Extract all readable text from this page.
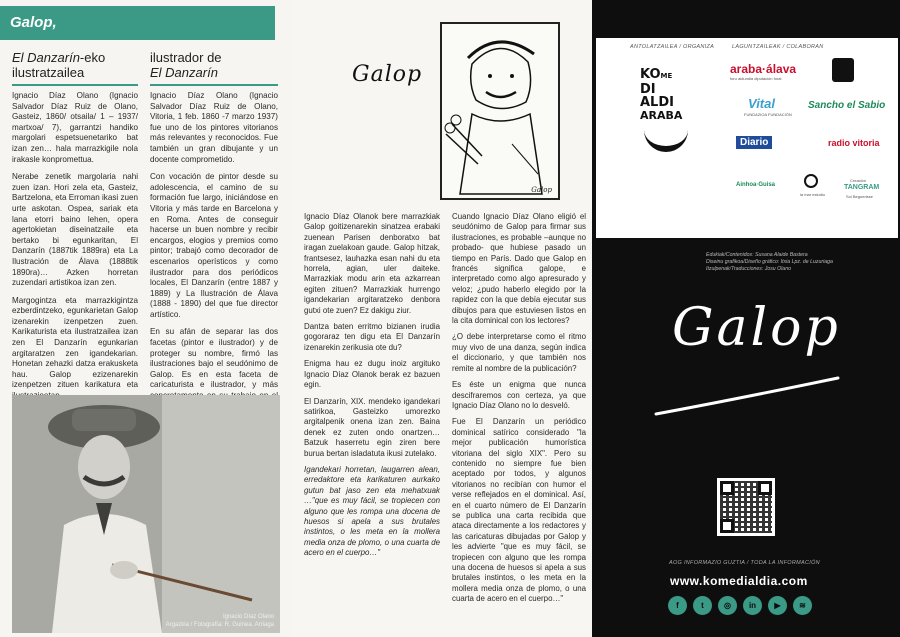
Galop,
El Danzarín-eko ilustratzailea
ilustrador de
El Danzarín

Ignacio Díaz Olano (Ignacio Salvador Díaz Ruiz de Olano, Gasteiz, 1860/ otsaila/ 1 – 1937/ martxoa/ 7), garrantzi handiko margolari espetsuenetariko bat izan zen… hala marrazkigile nola irakasle konpromettua.

Nerabe zenetik margolaria nahi zuen izan. Hori zela eta, Gasteiz, Bartzelona, eta Erroman ikasi zuen urte askotan. Ospea, sariak eta lana etorri baino lehen, opera agertokietan diseinatzaile eta bertako bi egunkaritan, El Danzarín (1887tik 1889ra) eta La Ilustración de Álava (1888tik 1890ra)… Azken horretan zuzendari artistikoa izan zen.

Margogintza eta marrazkigintza ezberdintzeko, egunkarietan Galop izenarekin izenpetzen zuen. Karikaturista eta ilustratzailea izan zen El Danzarín egunkarian argitaratzen zen igandekarian. Honetan zehazki datza erakusketa hau. Galop ezizenarekin izenpetzen zituen karikatura eta

Ignacio Díaz Olano (Ignacio Salvador Díaz Ruiz de Olano, Vitoria, 1 feb. 1860 -7 marzo 1937) fue uno de los pintores vitorianos más relevantes y reconocidos. Fue también un gran dibujante y un docente comprometido.

Con vocación de pintor desde su adolescencia, el camino de su formación fue largo, iniciándose en Vitoria y más tarde en Barcelona y en Roma. Antes de conseguir hacerse un buen nombre y recibir encargos, elogios y premios como pintor; trabajó como decorador de escenarios operísticos y como ilustrador para dos periódicos locales, El Danzarín (entre 1887 y 1889) y La Ilustración de Álava (1888 - 1890) del que fue director artístico.

En su afán de separar las dos facetas (pintor e ilustrador) y de proteger su nombre, firmó las ilustraciones bajo el seudónimo de Galop. Es en esta faceta de caricaturista e ilustrador, y más

Ignacio Díaz Olano
Argazkia / Fotografía: R. Guinea. Arriaga
Galop
Galop

Ignacio Díaz Olanok bere marrazkiak Galop goitizenarekin sinatzea erabaki zuenean Parisen denboratxo bat iragan zuelakoan gaude. Galop hitzak, frantsesez, lauhazka esan nahi du eta horrela, agian, uler daiteke. Marrazkiak modu arin eta azkarrean egiten zituen? Marrazkiak hurrengo igandekarian argitaratzeko denbora gutxi ote zuen? Ez dakigu ziur.

Dantza baten erritmo bizianen irudia gogoraraz ten digu eta El Danzarín izenarekin zerikusia ote du?

Enigma hau ez dugu inoiz argituko Ignacio Díaz Olanok berak ez bazuen egin.

El Danzarín, XIX. mendeko igandekari satirikoa, Gasteizko umorezko argitalpenik onena izan zen. Baina denek ez zuten ondo onartzen… Batzuk haserretu egin ziren bere burua bertan isladatuta ikusi zutelako.

Igandekari horretan, laugarren alean, erredaktore eta karikaturen aurkako gutun bat jaso zen eta mehatxuak …"que es muy fácil, se tropiecen con alguno que les rompa una docena de huesos si apela a sus brutales instintos, o les meta en la mollera media onza de plomo, o una cuarta de acero en el cuerpo…"

Cuando Ignacio Díaz Olano eligió el seudónimo de Galop para firmar sus ilustraciones, es probable –aunque no probado- que hubiese pasado un tiempo en París. Dado que Galop en francés significa galope, e interpretado como algo apresurado y veloz; ¿pudo haberlo elegido por la rapidez con la que debía ejecutar sus dibujos para que estuviesen listos en la cita dominical con los lectores?

¿O debe interpretarse como el ritmo muy vivo de una danza, según indica el diccionario, y que también nos remite al nombre de la publicación?

Es éste un enigma que nunca descifraremos con certeza, ya que Ignacio Díaz Olano no lo desveló.

Fue El Danzarín un periódico dominical satírico considerado "la mejor publicación humorística vitoriana del siglo XIX". Pero su contenido no siempre fue bien aceptado por todos, y algunos vitorianos no recibían con humor el verse reflejados en el dominical. Así, en el cuarto número de El Danzarín se publica una carta recibida que ataca directamente a los redactores y las caricaturas dibujadas por Galop y les advierte "que es muy fácil, se tropiecen con alguno que les rompa una docena de huesos si apela a sus brutales instintos, o les meta en la mollera media onza de plomo, o una cuarta de acero en el cuerpo…"

ANTOLATZAILEA / ORGANIZA	LAGUNTZAILEAK / COLABORAN
KOME
DI
ALDI
ARABA
araba·álava
foru aldundia diputación foral
Vital
FUNDAZIOA FUNDACIÓN
Sancho el Sabio
Diario	radio vitoria
Ainhoa·Guisa
la mar estudio
Creación
TANGRAM
Sol Beguerisse
Edukiak/Contenidos: Susana Alaide Bastera
Diseinu grafikoa/Diseño gráfico: Itxia Lpz. de Luzuriaga
Itzulpenak/Traducciones: Josu Olano
Galop
AOG INFORMAZIO GUZTIA / TODA LA INFORMACIÓN
www.komedialdia.com
f	t	◎	in	▶	≋
